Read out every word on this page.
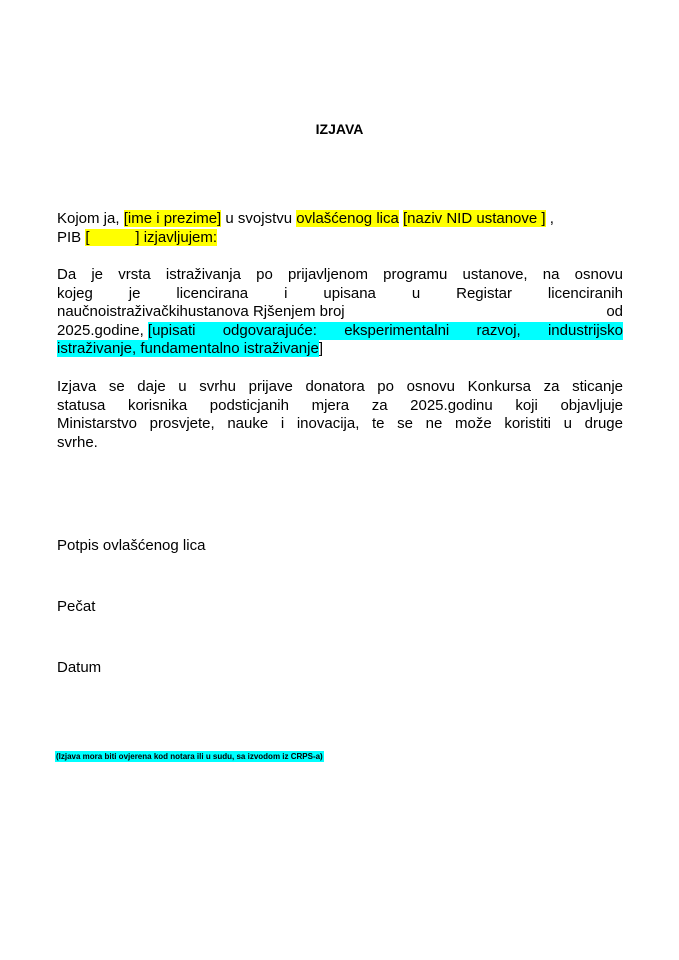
IZJAVA
Kojom ja, [ime i prezime] u svojstvu ovlašćenog lica [naziv NID ustanove ] ,
PIB [           ] izjavljujem:
Da je vrsta istraživanja po prijavljenom programu ustanove, na osnovu
kojeg je licencirana i upisana u Registar licenciranih
naučnoistraživačkihustanova Rjšenjem broj	od
2025.godine, [upisati odgovarajuće: eksperimentalni razvoj, industrijsko
istraživanje, fundamentalno istraživanje]
Izjava se daje u svrhu prijave donatora po osnovu Konkursa za sticanje
statusa korisnika podsticjanih mjera za 2025.godinu koji objavljuje
Ministarstvo prosvjete, nauke i inovacija, te se ne može koristiti u druge
svrhe.
Potpis ovlašćenog lica
Pečat
Datum
(Izjava mora biti ovjerena kod notara ili u sudu, sa izvodom iz CRPS-a)
